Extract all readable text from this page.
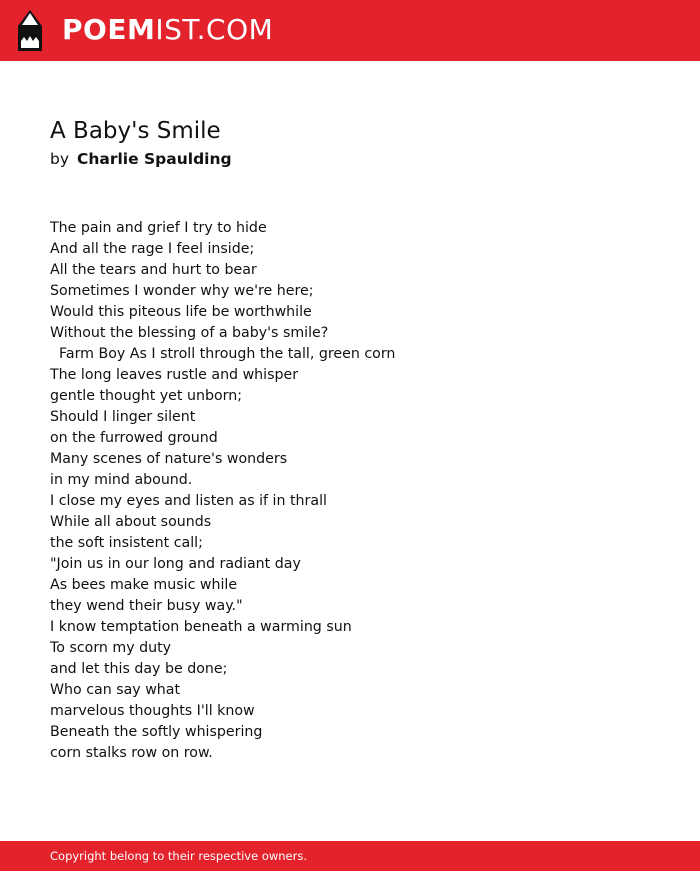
POEMIST.COM
A Baby's Smile
by Charlie Spaulding
The pain and grief I try to hide
And all the rage I feel inside;
All the tears and hurt to bear
Sometimes I wonder why we're here;
Would this piteous life be worthwhile
Without the blessing of a baby's smile?
Farm Boy As I stroll through the tall, green corn
The long leaves rustle and whisper
gentle thought yet unborn;
Should I linger silent
on the furrowed ground
Many scenes of nature's wonders
in my mind abound.
I close my eyes and listen as if in thrall
While all about sounds
the soft insistent call;
"Join us in our long and radiant day
As bees make music while
they wend their busy way."
I know temptation beneath a warming sun
To scorn my duty
and let this day be done;
Who can say what
marvelous thoughts I'll know
Beneath the softly whispering
corn stalks row on row.
Copyright belong to their respective owners.
